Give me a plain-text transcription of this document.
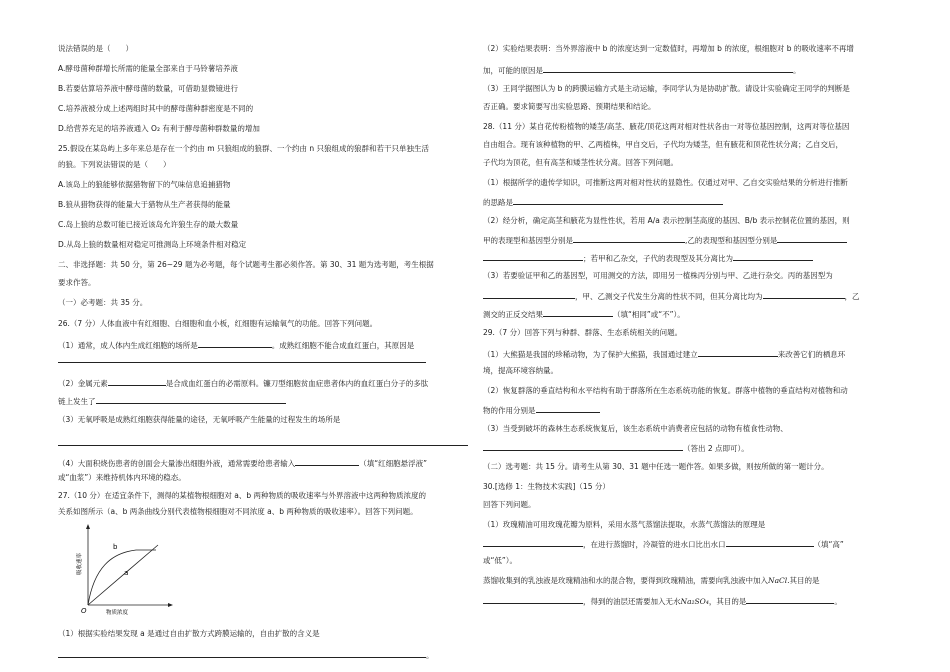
说法错误的是（　　）
A.酵母菌种群增长所需的能量全部来自于马铃薯培养液
B.若要估算培养液中酵母菌的数量，可借助显微镜进行
C.培养液被分成上述两组时其中的酵母菌种群密度是不同的
D.给营养充足的培养液通入 O₂ 有利于酵母菌种群数量的增加
25.假设在某岛屿上多年来总是存在一个约由 m 只狼组成的狼群、一个约由 n 只狼组成的狼群和若干只单独生活
的狼。下列说法错误的是（　　）
A.该岛上的狼能够依据猎物留下的气味信息追捕猎物
B.狼从猎物获得的能量大于猎物从生产者获得的能量
C.岛上狼的总数可能已接近该岛允许狼生存的最大数量
D.从岛上狼的数量相对稳定可推测岛上环境条件相对稳定
二、非选择题：共 50 分，第 26~29 题为必考题，每个试题考生都必须作答。第 30、31 题为选考题，考生根据
要求作答。
（一）必考题：共 35 分。
26.（7 分）人体血液中有红细胞、白细胞和血小板，红细胞有运输氧气的功能。回答下列问题。
（1）通常，成人体内生成红细胞的场所是	。成熟红细胞不能合成血红蛋白，其原因是
（2）金属元素	是合成血红蛋白的必需原料。镰刀型细胞贫血症患者体内的血红蛋白分子的多肽
链上发生了
（3）无氧呼吸是成熟红细胞获得能量的途径，无氧呼吸产生能量的过程发生的场所是
（4）大面积烧伤患者的创面会大量渗出细胞外液，通常需要给患者输入	（填“红细胞悬浮液”
或“血浆”）来维持机体内环境的稳态。
27.（10 分）在适宜条件下，测得的某植物根细胞对 a、b 两种物质的吸收速率与外界溶液中这两种物质浓度的
关系如图所示（a、b 两条曲线分别代表植物根细胞对不同浓度 a、b 两种物质的吸收速率）。回答下列问题。
b
a
O	物质浓度
吸收速率
（1）根据实验结果发现 a 是通过自由扩散方式跨膜运输的，自由扩散的含义是
。
（2）实验结果表明：当外界溶液中 b 的浓度达到一定数值时，再增加 b 的浓度，根细胞对 b 的吸收速率不再增
加，可能的原因是	。
（3）王同学据图认为 b 的跨膜运输方式是主动运输，李同学认为是协助扩散。请设计实验确定王同学的判断是
否正确。要求简要写出实验思路、预期结果和结论。
28.（11 分）某自花传粉植物的矮茎/高茎、腋花/顶花这两对相对性状各由一对等位基因控制，这两对等位基因
自由组合。现有该种植物的甲、乙两植株，甲自交后，子代均为矮茎，但有腋花和顶花性状分离；乙自交后，
子代均为顶花，但有高茎和矮茎性状分离。回答下列问题。
（1）根据所学的遗传学知识，可推断这两对相对性状的显隐性。仅通过对甲、乙自交实验结果的分析进行推断
的思路是
（2）经分析，确定高茎和腋花为显性性状，若用 A/a 表示控制茎高度的基因、B/b 表示控制花位置的基因，则
甲的表现型和基因型分别是	,乙的表现型和基因型分别是
；若甲和乙杂交，子代的表现型及其分离比为
（3）若要验证甲和乙的基因型，可用测交的方法，即用另一植株丙分别与甲、乙进行杂交。丙的基因型为
，甲、乙测交子代发生分离的性状不同，但其分离比均为	，乙
测交的正反交结果	（填“相同”或“不”）。
29.（7 分）回答下列与种群、群落、生态系统相关的问题。
（1）大熊猫是我国的珍稀动物，为了保护大熊猫，我国通过建立	来改善它们的栖息环
境，提高环境容纳量。
（2）恢复群落的垂直结构和水平结构有助于群落所在生态系统功能的恢复。群落中植物的垂直结构对植物和动
物的作用分别是
（3）当受到破坏的森林生态系统恢复后，该生态系统中消费者应包括的动物有植食性动物、
（答出 2 点即可）。
（二）选考题：共 15 分。请考生从第 30、31 题中任选一题作答。如果多做，则按所做的第一题计分。
30.[选修 1：生物技术实践]（15 分）
回答下列问题。
（1）玫瑰精油可用玫瑰花瓣为原料，采用水蒸气蒸馏法提取，水蒸气蒸馏法的原理是
，在进行蒸馏时，冷凝管的进水口比出水口	（填“高”
或“低”）。
蒸馏收集到的乳浊液是玫瑰精油和水的混合物，要得到玫瑰精油，需要向乳浊液中加入NaCl.其目的是
，得到的油层还需要加入无水Na₂SO₄，其目的是	。
